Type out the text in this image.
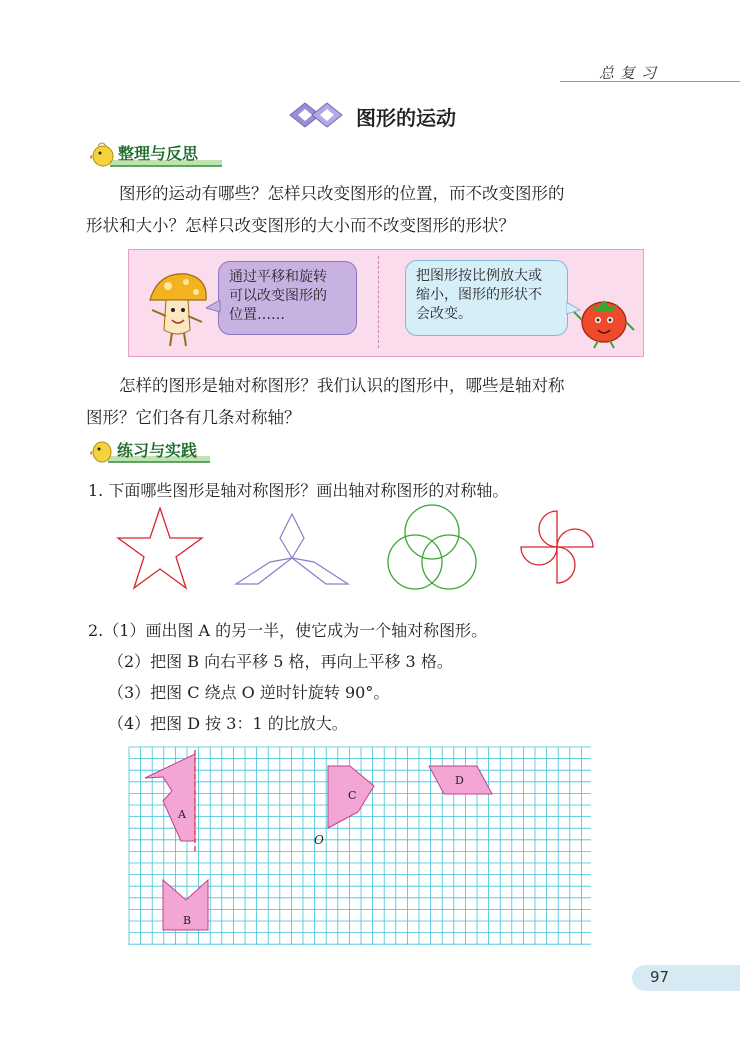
总复习
图形的运动
整理与反思
图形的运动有哪些？怎样只改变图形的位置，而不改变图形的
形状和大小？怎样只改变图形的大小而不改变图形的形状？
通过平移和旋转
可以改变图形的
位置……
把图形按比例放大或
缩小，图形的形状不
会改变。
怎样的图形是轴对称图形？我们认识的图形中，哪些是轴对称
图形？它们各有几条对称轴？
练习与实践
1. 下面哪些图形是轴对称图形？画出轴对称图形的对称轴。
2.（1）画出图 A 的另一半，使它成为一个轴对称图形。
（2）把图 B 向右平移 5 格，再向上平移 3 格。
（3）把图 C 绕点 O 逆时针旋转 90°。
（4）把图 D 按 3：1 的比放大。
A
B
C
D
O
97
